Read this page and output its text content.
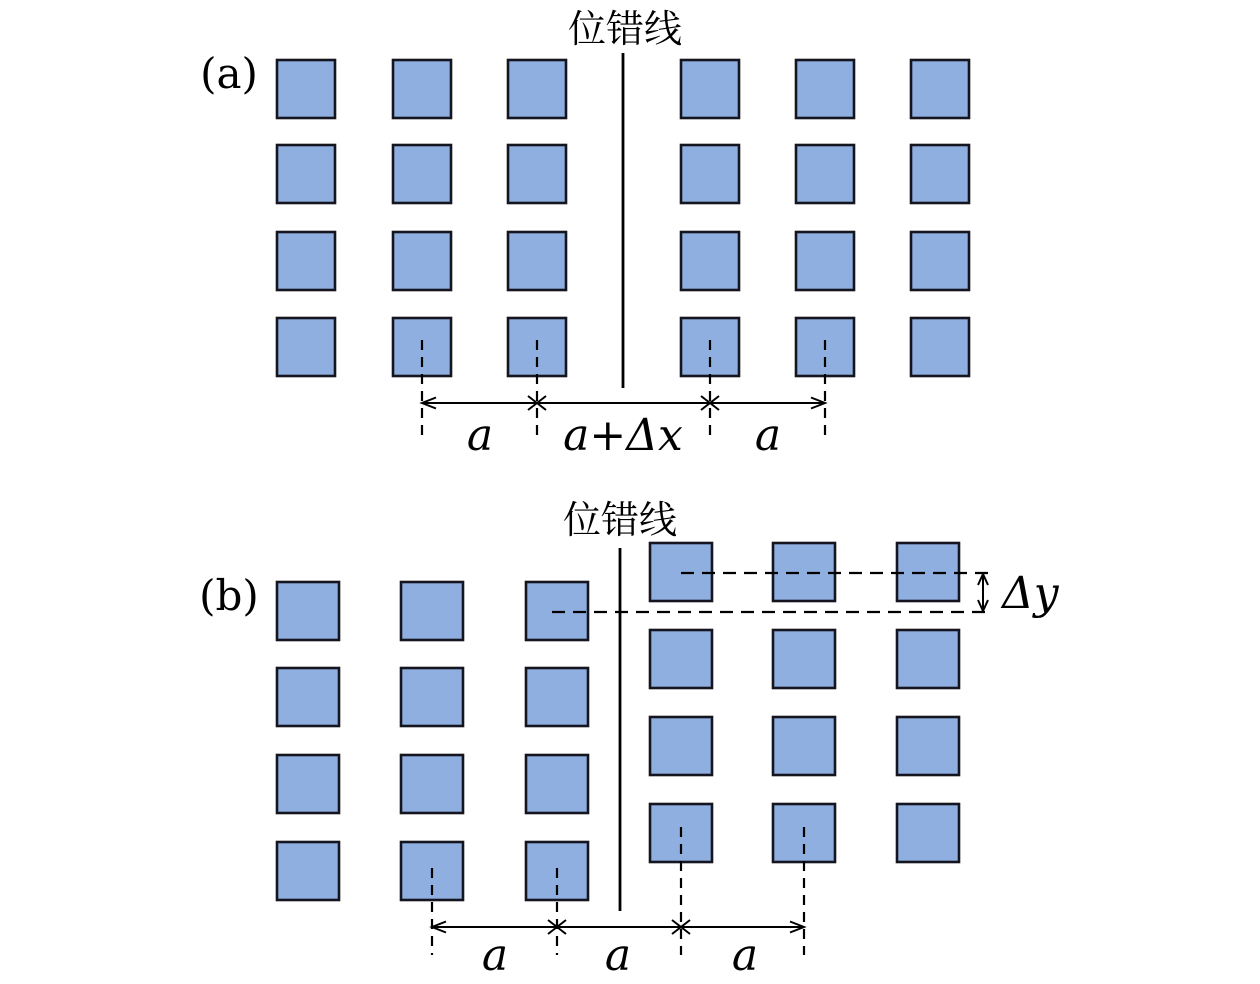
位错线
(a)
a a+Δx a
位错线
(b)
a a a
Δy
